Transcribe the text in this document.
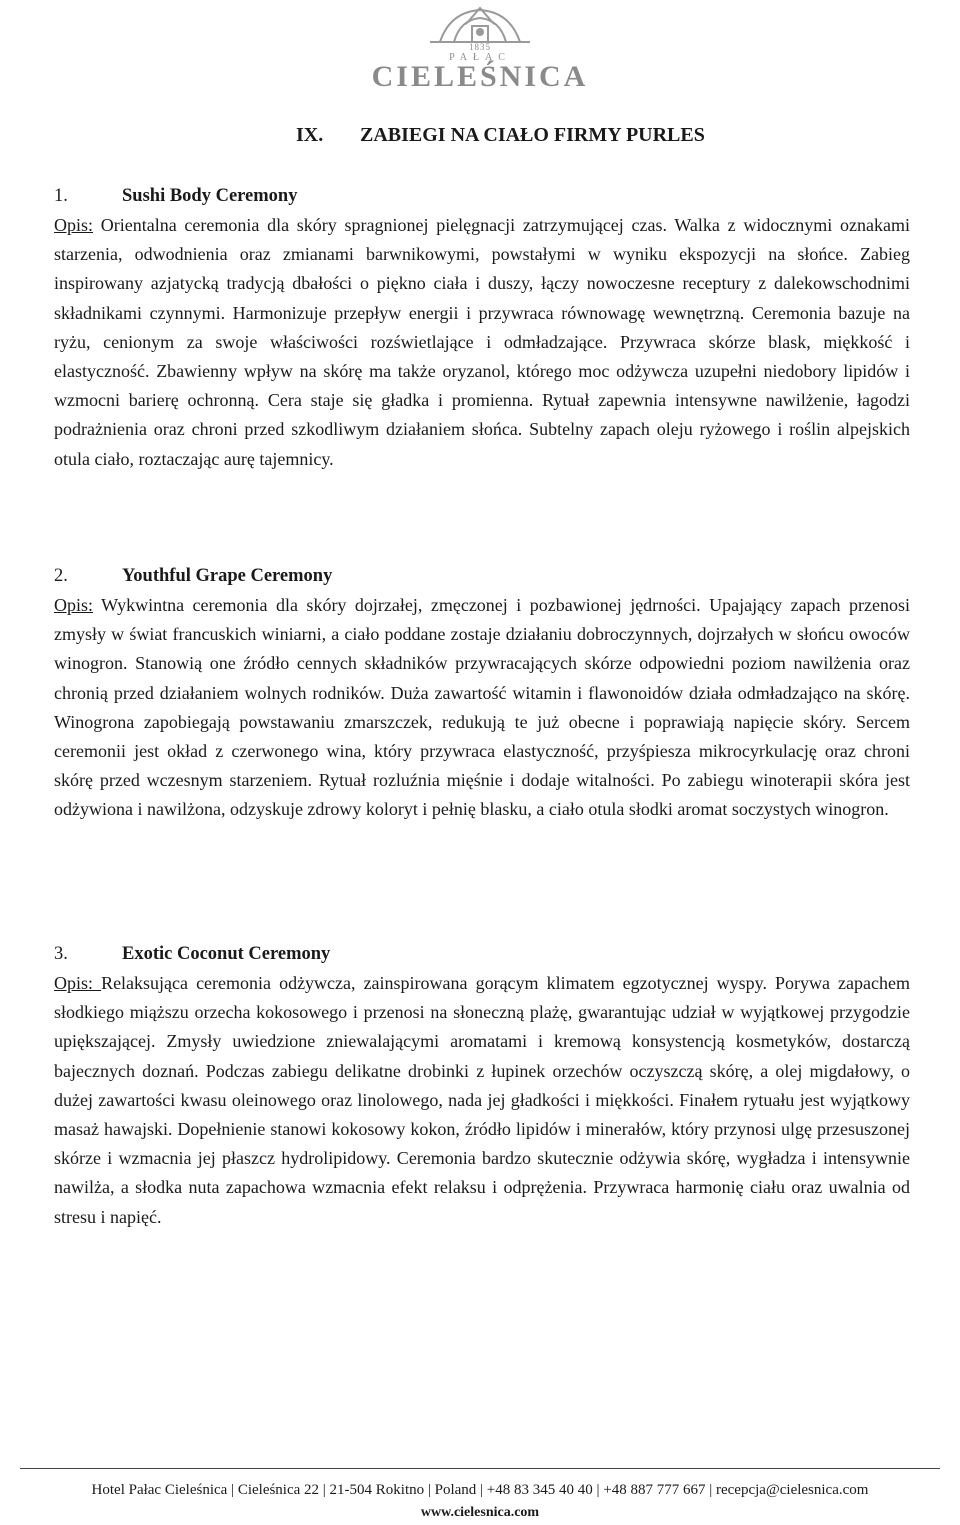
1835
PAŁAC
CIELEŚNICA
IX. ZABIEGI NA CIAŁO FIRMY PURLES
1.	Sushi Body Ceremony

Opis: Orientalna ceremonia dla skóry spragnionej pielęgnacji zatrzymującej czas. Walka z widocznymi oznakami starzenia, odwodnienia oraz zmianami barwnikowymi, powstałymi w wyniku ekspozycji na słońce. Zabieg inspirowany azjatycką tradycją dbałości o piękno ciała i duszy, łączy nowoczesne receptury z dalekowschodnimi składnikami czynnymi. Harmonizuje przepływ energii i przywraca równowagę wewnętrzną. Ceremonia bazuje na ryżu, cenionym za swoje właściwości rozświetlające i odmładzające. Przywraca skórze blask, miękkość i elastyczność. Zbawienny wpływ na skórę ma także oryzanol, którego moc odżywcza uzupełni niedobory lipidów i wzmocni barierę ochronną. Cera staje się gładka i promienna. Rytuał zapewnia intensywne nawilżenie, łagodzi podrażnienia oraz chroni przed szkodliwym działaniem słońca. Subtelny zapach oleju ryżowego i roślin alpejskich otula ciało, roztaczając aurę tajemnicy.

2.	Youthful Grape Ceremony

Opis: Wykwintna ceremonia dla skóry dojrzałej, zmęczonej i pozbawionej jędrności. Upajający zapach przenosi zmysły w świat francuskich winiarni, a ciało poddane zostaje działaniu dobroczynnych, dojrzałych w słońcu owoców winogron. Stanowią one źródło cennych składników przywracających skórze odpowiedni poziom nawilżenia oraz chronią przed działaniem wolnych rodników. Duża zawartość witamin i flawonoidów działa odmładzająco na skórę. Winogrona zapobiegają powstawaniu zmarszczek, redukują te już obecne i poprawiają napięcie skóry. Sercem ceremonii jest okład z czerwonego wina, który przywraca elastyczność, przyśpiesza mikrocyrkulację oraz chroni skórę przed wczesnym starzeniem. Rytuał rozluźnia mięśnie i dodaje witalności. Po zabiegu winoterapii skóra jest odżywiona i nawilżona, odzyskuje zdrowy koloryt i pełnię blasku, a ciało otula słodki aromat soczystych winogron.

3.	Exotic Coconut Ceremony

Opis: Relaksująca ceremonia odżywcza, zainspirowana gorącym klimatem egzotycznej wyspy. Porywa zapachem słodkiego miąższu orzecha kokosowego i przenosi na słoneczną plażę, gwarantując udział w wyjątkowej przygodzie upiększającej. Zmysły uwiedzione zniewalającymi aromatami i kremową konsystencją kosmetyków, dostarczą bajecznych doznań. Podczas zabiegu delikatne drobinki z łupinek orzechów oczyszczą skórę, a olej migdałowy, o dużej zawartości kwasu oleinowego oraz linolowego, nada jej gładkości i miękkości. Finałem rytuału jest wyjątkowy masaż hawajski. Dopełnienie stanowi kokosowy kokon, źródło lipidów i minerałów, który przynosi ulgę przesuszonej skórze i wzmacnia jej płaszcz hydrolipidowy. Ceremonia bardzo skutecznie odżywia skórę, wygładza i intensywnie nawilża, a słodka nuta zapachowa wzmacnia efekt relaksu i odprężenia. Przywraca harmonię ciału oraz uwalnia od stresu i napięć.

Hotel Pałac Cieleśnica | Cieleśnica 22 | 21-504 Rokitno | Poland | +48 83 345 40 40 | +48 887 777 667 | recepcja@cielesnica.com
www.cielesnica.com
